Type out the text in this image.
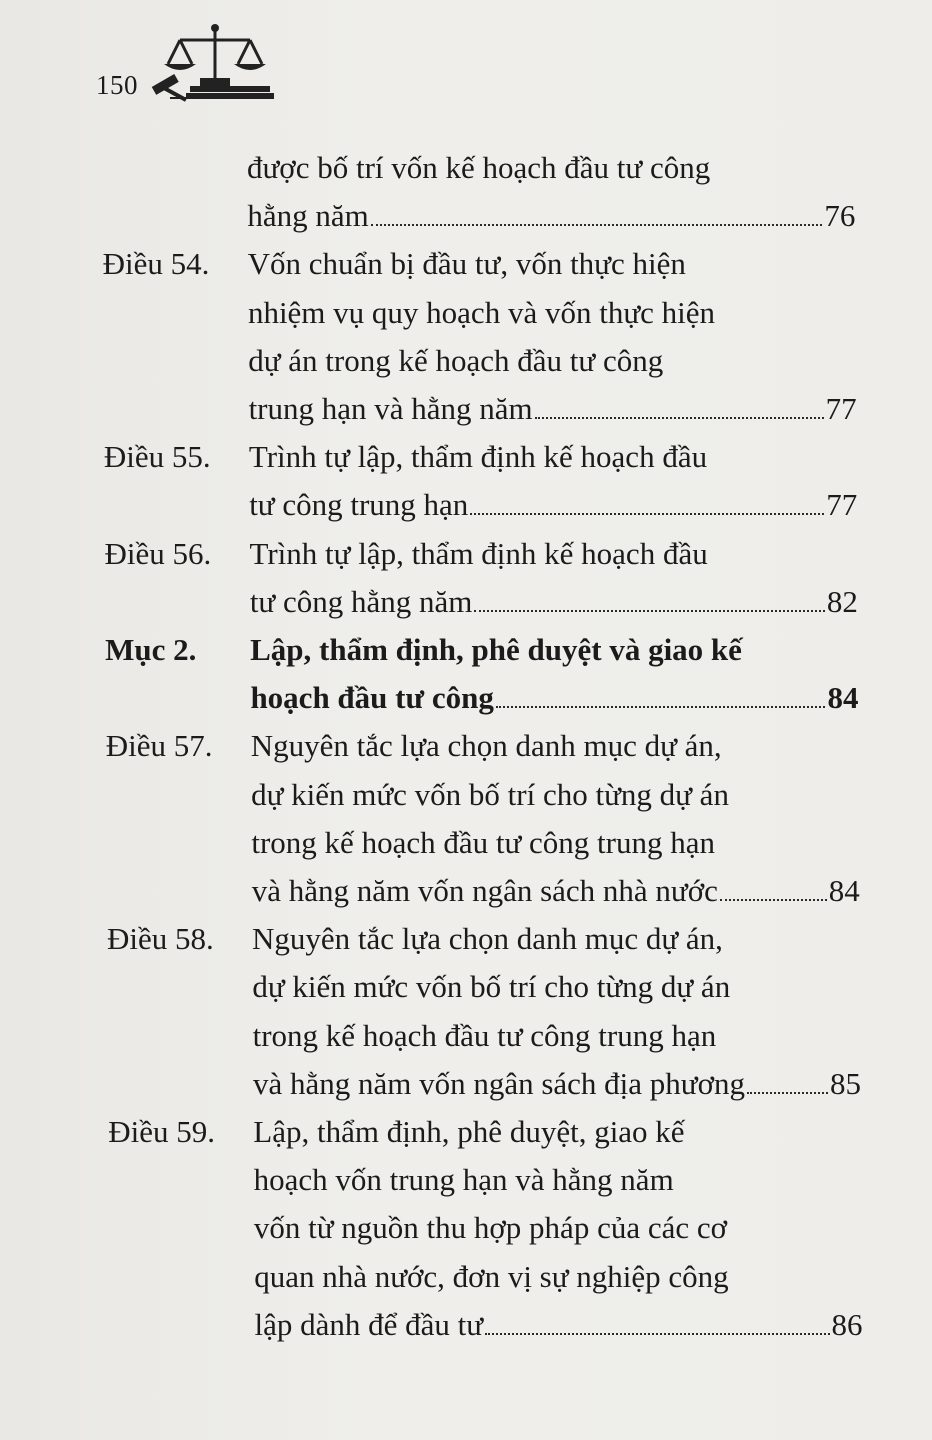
150
được bố trí vốn kế hoạch đầu tư công
hằng năm	76
Điều 54. Vốn chuẩn bị đầu tư, vốn thực hiện
nhiệm vụ quy hoạch và vốn thực hiện
dự án trong kế hoạch đầu tư công
trung hạn và hằng năm	77
Điều 55. Trình tự lập, thẩm định kế hoạch đầu
tư công trung hạn	77
Điều 56. Trình tự lập, thẩm định kế hoạch đầu
tư công hằng năm	82
Mục 2. Lập, thẩm định, phê duyệt và giao kế
hoạch đầu tư công	84
Điều 57. Nguyên tắc lựa chọn danh mục dự án,
dự kiến mức vốn bố trí cho từng dự án
trong kế hoạch đầu tư công trung hạn
và hằng năm vốn ngân sách nhà nước	84
Điều 58. Nguyên tắc lựa chọn danh mục dự án,
dự kiến mức vốn bố trí cho từng dự án
trong kế hoạch đầu tư công trung hạn
và hằng năm vốn ngân sách địa phương	85
Điều 59. Lập, thẩm định, phê duyệt, giao kế
hoạch vốn trung hạn và hằng năm
vốn từ nguồn thu hợp pháp của các cơ
quan nhà nước, đơn vị sự nghiệp công
lập dành để đầu tư	86
